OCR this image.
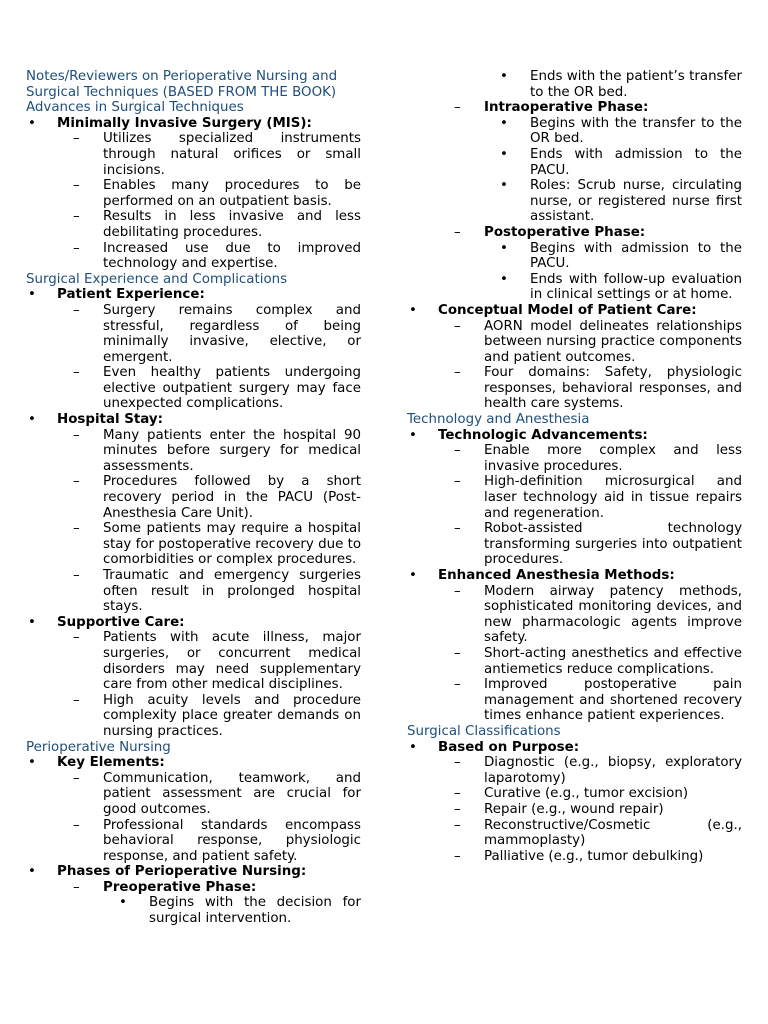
Notes/Reviewers on Perioperative Nursing and
Surgical Techniques (BASED FROM THE BOOK)
Advances in Surgical Techniques
• Minimally Invasive Surgery (MIS):
– Utilizes specialized instruments through natural orifices or small incisions.
– Enables many procedures to be performed on an outpatient basis.
– Results in less invasive and less debilitating procedures.
– Increased use due to improved technology and expertise.
Surgical Experience and Complications
• Patient Experience:
– Surgery remains complex and stressful, regardless of being minimally invasive, elective, or emergent.
– Even healthy patients undergoing elective outpatient surgery may face unexpected complications.
• Hospital Stay:
– Many patients enter the hospital 90 minutes before surgery for medical assessments.
– Procedures followed by a short recovery period in the PACU (Post-Anesthesia Care Unit).
– Some patients may require a hospital stay for postoperative recovery due to comorbidities or complex procedures.
– Traumatic and emergency surgeries often result in prolonged hospital stays.
• Supportive Care:
– Patients with acute illness, major surgeries, or concurrent medical disorders may need supplementary care from other medical disciplines.
– High acuity levels and procedure complexity place greater demands on nursing practices.
Perioperative Nursing
• Key Elements:
– Communication, teamwork, and patient assessment are crucial for good outcomes.
– Professional standards encompass behavioral response, physiologic response, and patient safety.
• Phases of Perioperative Nursing:
– Preoperative Phase:
• Begins with the decision for surgical intervention.
• Ends with the patient’s transfer to the OR bed.
– Intraoperative Phase:
• Begins with the transfer to the OR bed.
• Ends with admission to the PACU.
• Roles: Scrub nurse, circulating nurse, or registered nurse first assistant.
– Postoperative Phase:
• Begins with admission to the PACU.
• Ends with follow-up evaluation in clinical settings or at home.
• Conceptual Model of Patient Care:
– AORN model delineates relationships between nursing practice components and patient outcomes.
– Four domains: Safety, physiologic responses, behavioral responses, and health care systems.
Technology and Anesthesia
• Technologic Advancements:
– Enable more complex and less invasive procedures.
– High-definition microsurgical and laser technology aid in tissue repairs and regeneration.
– Robot-assisted technology transforming surgeries into outpatient procedures.
• Enhanced Anesthesia Methods:
– Modern airway patency methods, sophisticated monitoring devices, and new pharmacologic agents improve safety.
– Short-acting anesthetics and effective antiemetics reduce complications.
– Improved postoperative pain management and shortened recovery times enhance patient experiences.
Surgical Classifications
• Based on Purpose:
– Diagnostic (e.g., biopsy, exploratory laparotomy)
– Curative (e.g., tumor excision)
– Repair (e.g., wound repair)
– Reconstructive/Cosmetic (e.g., mammoplasty)
– Palliative (e.g., tumor debulking)
